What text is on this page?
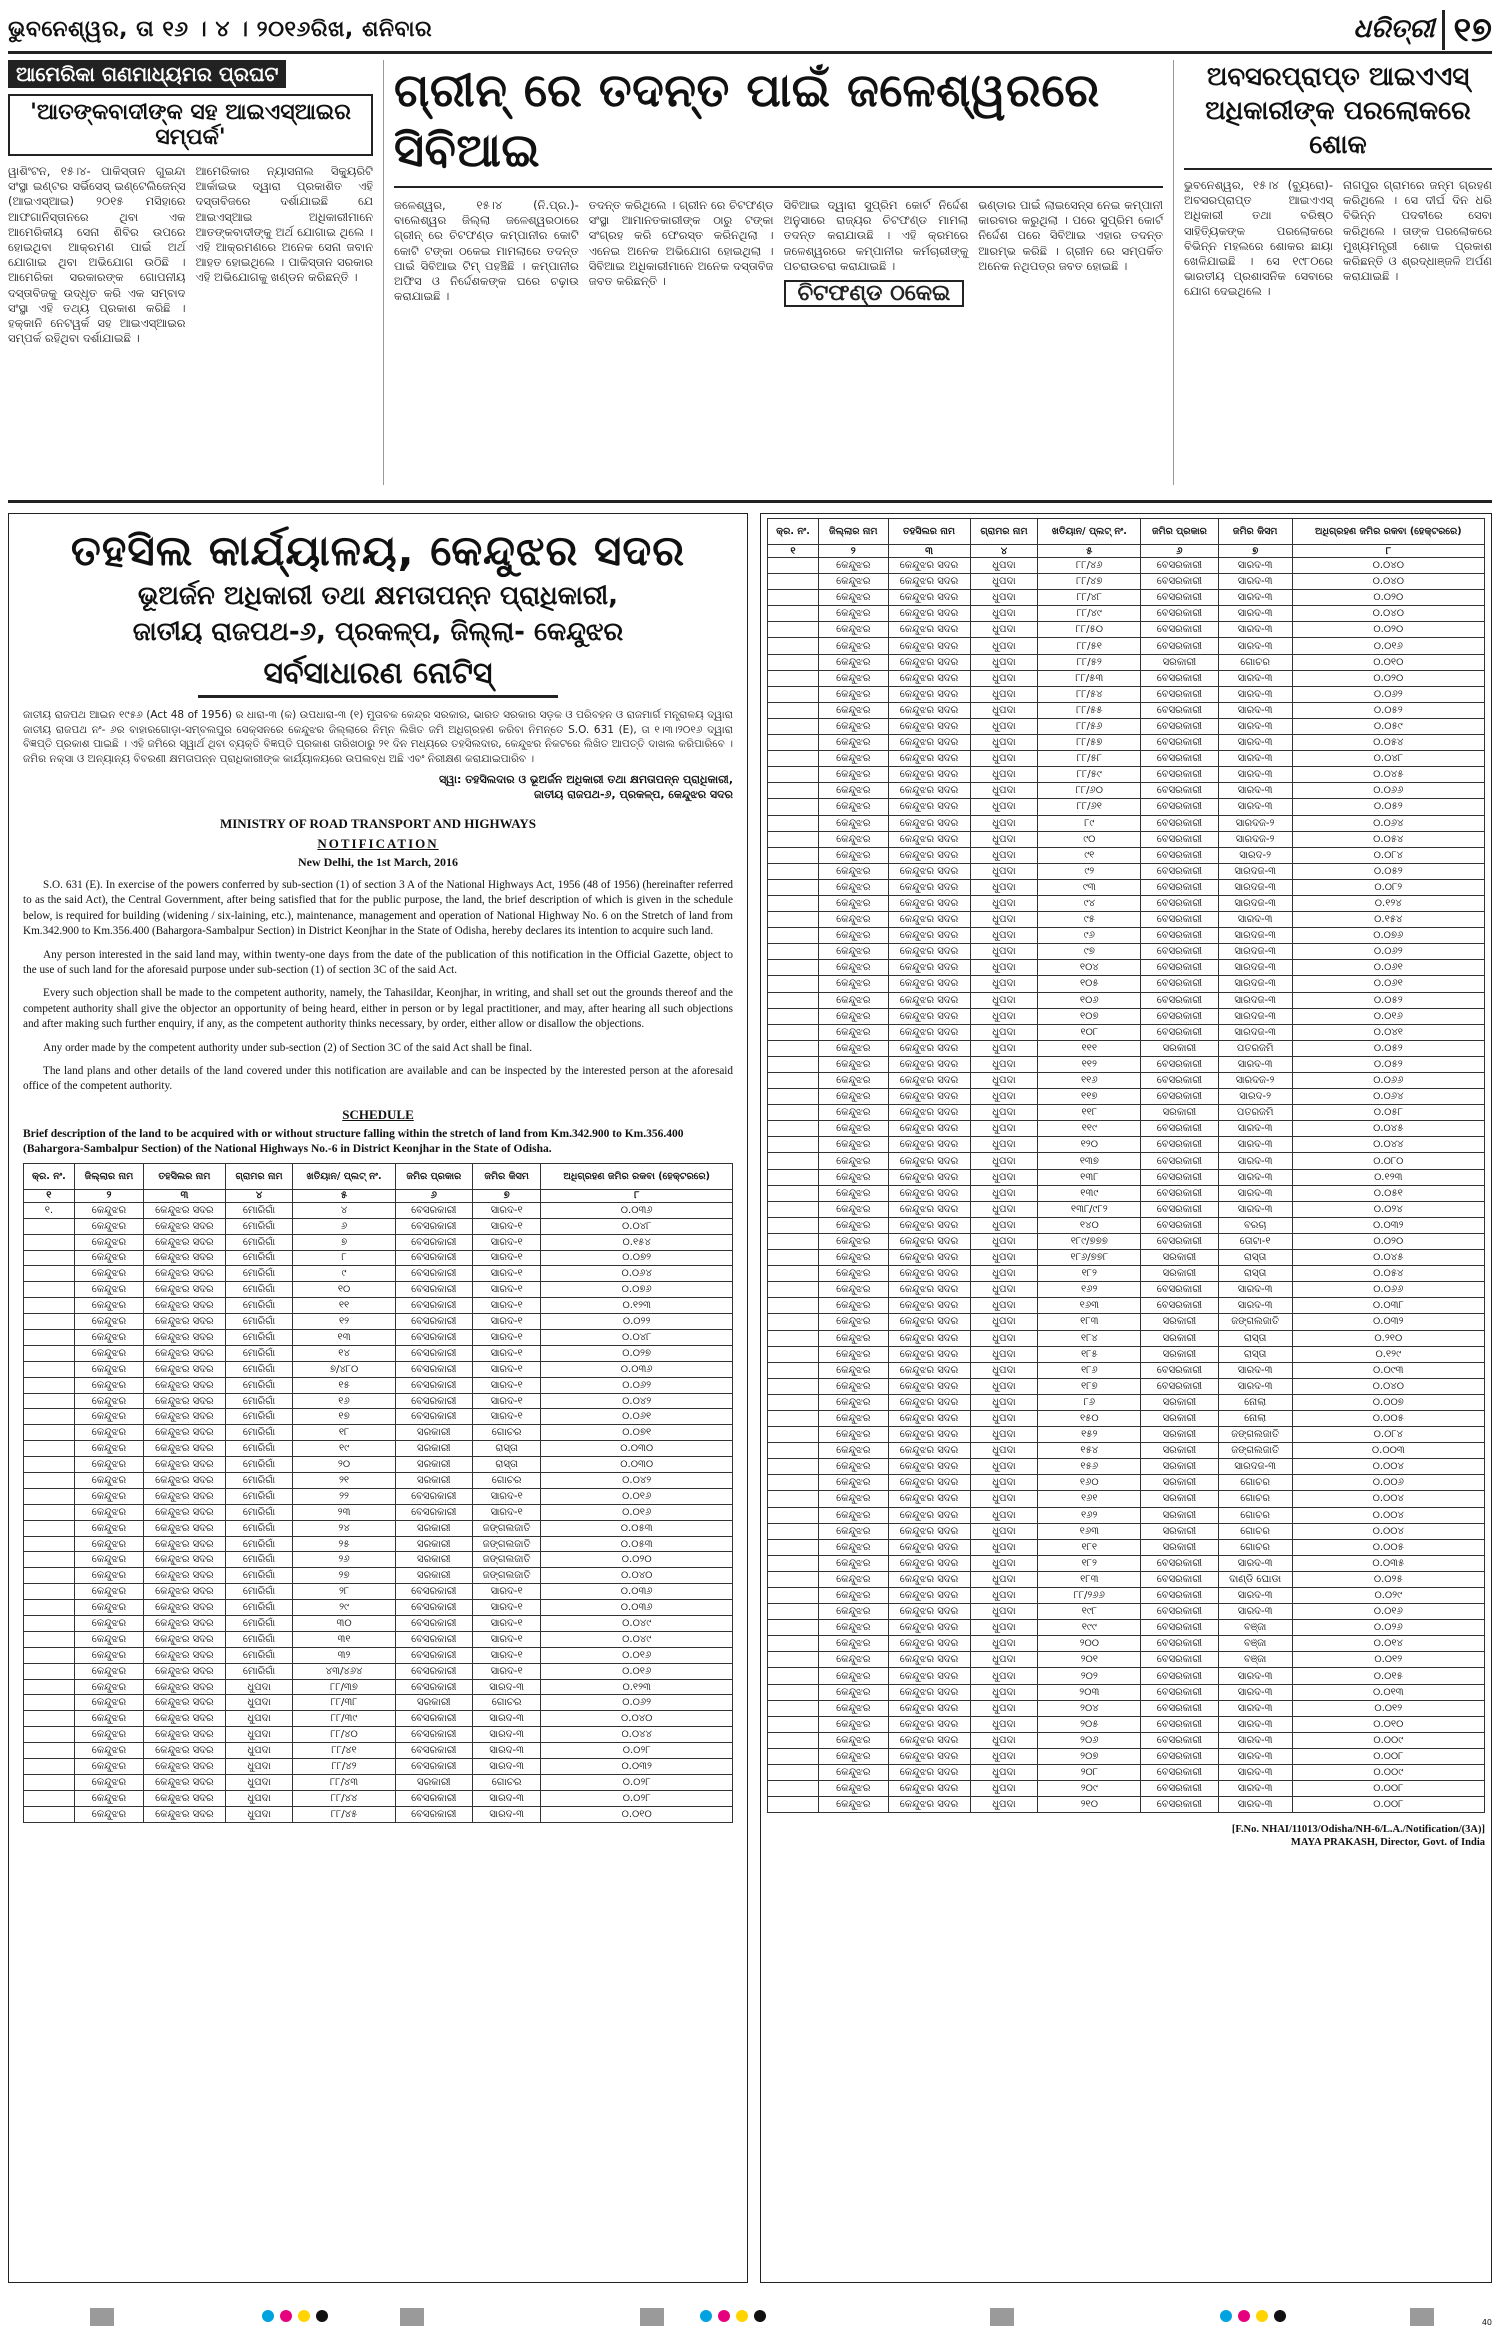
ଭୁବନେଶ୍ୱର, ତା ୧୬ । ୪ । ୨୦୧୬ରିଖ, ଶନିବାର	ଧରିତ୍ରୀ ୧୭
ଆମେରିକା ଗଣମାଧ୍ୟମର ପ୍ରଘଟ
'ଆତଙ୍କବାଦୀଙ୍କ ସହ ଆଇଏସ୍ଆଇର ସମ୍ପର୍କ'
ୱାଶିଂଟନ, ୧୫।୪- ପାକିସ୍ତାନ ଗୁଇନ୍ଦା ସଂସ୍ଥା ଇଣ୍ଟର ସର୍ଭିସେସ୍ ଇଣ୍ଟେଲିଜେନ୍ସ (ଆଇଏସ୍ଆଇ) ୨୦୧୫ ମସିହାରେ ଆଫଗାନିସ୍ତାନରେ ଥିବା ଏକ ଆମେରିକୀୟ ସେନା ଶିବିର ଉପରେ ହୋଇଥିବା ଆକ୍ରମଣ ପାଇଁ ଅର୍ଥ ଯୋଗାଇ ଥିବା ଅଭିଯୋଗ ଉଠିଛି । ଆମେରିକା ସରକାରଙ୍କ ଗୋପନୀୟ ଦସ୍ତାବିଜକୁ ଉଦ୍ଧୃତ କରି ଏକ ସମ୍ବାଦ ସଂସ୍ଥା ଏହି ତଥ୍ୟ ପ୍ରକାଶ କରିଛି । ହକ୍କାନି ନେଟୱର୍କ ସହ ଆଇଏସ୍ଆଇର ସମ୍ପର୍କ ରହିଥିବା ଦର୍ଶାଯାଇଛି ।
ଆମେରିକାର ନ୍ୟାସନାଲ ସିକ୍ୟୁରିଟି ଆର୍କାଇଭ ଦ୍ୱାରା ପ୍ରକାଶିତ ଏହି ଦସ୍ତାବିଜରେ ଦର୍ଶାଯାଇଛି ଯେ ଆଇଏସ୍ଆଇ ଅଧିକାରୀମାନେ ଆତଙ୍କବାଦୀଙ୍କୁ ଅର୍ଥ ଯୋଗାଇ ଥିଲେ । ଏହି ଆକ୍ରମଣରେ ଅନେକ ସେନା ଜବାନ ଆହତ ହୋଇଥିଲେ । ପାକିସ୍ତାନ ସରକାର ଏହି ଅଭିଯୋଗକୁ ଖଣ୍ଡନ କରିଛନ୍ତି ।
ଗ୍ରୀନ୍ ରେ ତଦନ୍ତ ପାଇଁ ଜଳେଶ୍ୱରରେ ସିବିଆଇ
ଜଳେଶ୍ୱର, ୧୫।୪ (ନି.ପ୍ର.)- ବାଲେଶ୍ୱର ଜିଲ୍ଲା ଜଳେଶ୍ୱରଠାରେ ଗ୍ରୀନ୍ ରେ ଚିଟଫଣ୍ଡ କମ୍ପାନୀର କୋଟି କୋଟି ଟଙ୍କା ଠକେଇ ମାମଲାରେ ତଦନ୍ତ ପାଇଁ ସିବିଆଇ ଟିମ୍ ପହଞ୍ଚିଛି । କମ୍ପାନୀର ଅଫିସ ଓ ନିର୍ଦ୍ଦେଶକଙ୍କ ଘରେ ଚଢ଼ାଉ କରାଯାଇଛି ।
ତଦନ୍ତ କରିଥିଲେ । ଗ୍ରୀନ ରେ ଚିଟଫଣ୍ଡ ସଂସ୍ଥା ଆମାନତକାରୀଙ୍କ ଠାରୁ ଟଙ୍କା ସଂଗ୍ରହ କରି ଫେରସ୍ତ କରିନଥିଲା । ଏନେଇ ଅନେକ ଅଭିଯୋଗ ହୋଇଥିଲା । ସିବିଆଇ ଅଧିକାରୀମାନେ ଅନେକ ଦସ୍ତାବିଜ ଜବତ କରିଛନ୍ତି ।
ସିବିଆଇ ଦ୍ୱାରା ସୁପ୍ରିମ କୋର୍ଟ ନିର୍ଦ୍ଦେଶ ଅନୁସାରେ ରାଜ୍ୟର ଚିଟଫଣ୍ଡ ମାମଲା ତଦନ୍ତ କରାଯାଉଛି । ଏହି କ୍ରମରେ ଜଳେଶ୍ୱରରେ କମ୍ପାନୀର କର୍ମଚାରୀଙ୍କୁ ପଚରାଉଚରା କରାଯାଇଛି ।
ଚିଟଫଣ୍ଡ ଠକେଇ
ଭଣ୍ଡାର ପାଇଁ ଲାଇସେନ୍ସ ନେଇ କମ୍ପାନୀ କାରବାର କରୁଥିଲା । ପରେ ସୁପ୍ରିମ କୋର୍ଟ ନିର୍ଦ୍ଦେଶ ପରେ ସିବିଆଇ ଏହାର ତଦନ୍ତ ଆରମ୍ଭ କରିଛି । ଗ୍ରୀନ ରେ ସମ୍ପର୍କିତ ଅନେକ ନଥିପତ୍ର ଜବତ ହୋଇଛି ।
ଅବସରପ୍ରାପ୍ତ ଆଇଏଏସ୍ ଅଧିକାରୀଙ୍କ ପରଲୋକରେ ଶୋକ
ଭୁବନେଶ୍ୱର, ୧୫।୪ (ବ୍ୟୁରୋ)- ଅବସରପ୍ରାପ୍ତ ଆଇଏଏସ୍ ଅଧିକାରୀ ତଥା ବରିଷ୍ଠ ସାହିତ୍ୟିକଙ୍କ ପରଲୋକରେ ବିଭିନ୍ନ ମହଲରେ ଶୋକର ଛାୟା ଖେଳିଯାଇଛି । ସେ ୧୯୮୦ରେ ଭାରତୀୟ ପ୍ରଶାସନିକ ସେବାରେ ଯୋଗ ଦେଇଥିଲେ ।
ନାଗପୁର ଗ୍ରାମରେ ଜନ୍ମ ଗ୍ରହଣ କରିଥିଲେ । ସେ ଦୀର୍ଘ ଦିନ ଧରି ବିଭିନ୍ନ ପଦବୀରେ ସେବା କରିଥିଲେ । ତାଙ୍କ ପରଲୋକରେ ମୁଖ୍ୟମନ୍ତ୍ରୀ ଶୋକ ପ୍ରକାଶ କରିଛନ୍ତି ଓ ଶ୍ରଦ୍ଧାଞ୍ଜଳି ଅର୍ପଣ କରାଯାଇଛି ।
ତହସିଲ କାର୍ଯ୍ୟାଳୟ, କେନ୍ଦୁଝର ସଦର
ଭୂଅର୍ଜନ ଅଧିକାରୀ ତଥା କ୍ଷମତାପନ୍ନ ପ୍ରାଧିକାରୀ,
ଜାତୀୟ ରାଜପଥ-୬, ପ୍ରକଳ୍ପ, ଜିଲ୍ଲା- କେନ୍ଦୁଝର
ସର୍ବସାଧାରଣ ନୋଟିସ୍
ଜାତୀୟ ରାଜପଥ ଆଇନ ୧୯୫୬ (Act 48 of 1956) ର ଧାରା-୩ (କ) ଉପଧାରା-୩ (୧) ମୁତାବକ କେନ୍ଦ୍ର ସରକାର, ଭାରତ ସରକାର ସଡ଼କ ଓ ପରିବହନ ଓ ରାଜମାର୍ଗ ମନ୍ତ୍ରାଳୟ ଦ୍ୱାରା ଜାତୀୟ ରାଜପଥ ନଂ- ୬ର ବାହାରଗୋଡ଼ା-ସମ୍ବଲପୁର ସେକ୍ସନରେ କେନ୍ଦୁଝର ଜିଲ୍ଲାରେ ନିମ୍ନ ଲିଖିତ ଜମି ଅଧିଗ୍ରହଣ କରିବା ନିମନ୍ତେ S.O. 631 (E), ତା ୧।୩।୨୦୧୬ ଦ୍ୱାରା ବିଜ୍ଞପ୍ତି ପ୍ରକାଶ ପାଇଛି । ଏହି ଜମିରେ ସ୍ୱାର୍ଥ ଥିବା ବ୍ୟକ୍ତି ବିଜ୍ଞପ୍ତି ପ୍ରକାଶ ତାରିଖଠାରୁ ୨୧ ଦିନ ମଧ୍ୟରେ ତହସିଲଦାର, କେନ୍ଦୁଝର ନିକଟରେ ଲିଖିତ ଆପତ୍ତି ଦାଖଲ କରିପାରିବେ । ଜମିର ନକ୍ସା ଓ ଅନ୍ୟାନ୍ୟ ବିବରଣୀ କ୍ଷମତାପନ୍ନ ପ୍ରାଧିକାରୀଙ୍କ କାର୍ଯ୍ୟାଳୟରେ ଉପଲବ୍ଧ ଅଛି ଏବଂ ନିରୀକ୍ଷଣ କରାଯାଇପାରିବ ।
ସ୍ୱା: ତହସିଲଦାର ଓ ଭୂଅର୍ଜନ ଅଧିକାରୀ ତଥା କ୍ଷମତାପନ୍ନ ପ୍ରାଧିକାରୀ,
ଜାତୀୟ ରାଜପଥ-୬, ପ୍ରକଳ୍ପ, କେନ୍ଦୁଝର ସଦର
MINISTRY OF ROAD TRANSPORT AND HIGHWAYS
NOTIFICATION
New Delhi, the 1st March, 2016
S.O. 631 (E). In exercise of the powers conferred by sub-section (1) of section 3 A of the National Highways Act, 1956 (48 of 1956) (hereinafter referred to as the said Act), the Central Government, after being satisfied that for the public purpose, the land, the brief description of which is given in the schedule below, is required for building (widening / six-laining, etc.), maintenance, management and operation of National Highway No. 6 on the Stretch of land from Km.342.900 to Km.356.400 (Bahargora-Sambalpur Section) in District Keonjhar in the State of Odisha, hereby declares its intention to acquire such land.
Any person interested in the said land may, within twenty-one days from the date of the publication of this notification in the Official Gazette, object to the use of such land for the aforesaid purpose under sub-section (1) of section 3C of the said Act.
Every such objection shall be made to the competent authority, namely, the Tahasildar, Keonjhar, in writing, and shall set out the grounds thereof and the competent authority shall give the objector an opportunity of being heard, either in person or by legal practitioner, and may, after hearing all such objections and after making such further enquiry, if any, as the competent authority thinks necessary, by order, either allow or disallow the objections.
Any order made by the competent authority under sub-section (2) of Section 3C of the said Act shall be final.
The land plans and other details of the land covered under this notification are available and can be inspected by the interested person at the aforesaid office of the competent authority.
SCHEDULE
Brief description of the land to be acquired with or without structure falling within the stretch of land from Km.342.900 to Km.356.400 (Bahargora-Sambalpur Section) of the National Highways No.-6 in District Keonjhar in the State of Odisha.
କ୍ର. ନଂ.	ଜିଲ୍ଲାର ନାମ	ତହସିଲର ନାମ	ଗ୍ରାମର ନାମ	ଖତିୟାନ/ ପ୍ଲଟ୍ ନଂ.	ଜମିର ପ୍ରକାର	ଜମିର କିସମ	ଅଧିଗ୍ରହଣ ଜମିର ରକବା (ହେକ୍ଟରରେ)
୧	୨	୩	୪	୫	୬	୭	୮
୧.	କେନ୍ଦୁଝର	କେନ୍ଦୁଝର ସଦର	ମୋରିଗାଁ	୪	ବେସରକାରୀ	ସାରଦ-୧	୦.୦୩୬
	କେନ୍ଦୁଝର	କେନ୍ଦୁଝର ସଦର	ମୋରିଗାଁ	୬	ବେସରକାରୀ	ସାରଦ-୧	୦.୦୪୮
	କେନ୍ଦୁଝର	କେନ୍ଦୁଝର ସଦର	ମୋରିଗାଁ	୭	ବେସରକାରୀ	ସାରଦ-୧	୦.୧୫୪
	କେନ୍ଦୁଝର	କେନ୍ଦୁଝର ସଦର	ମୋରିଗାଁ	୮	ବେସରକାରୀ	ସାରଦ-୧	୦.୦୭୨
	କେନ୍ଦୁଝର	କେନ୍ଦୁଝର ସଦର	ମୋରିଗାଁ	୯	ବେସରକାରୀ	ସାରଦ-୧	୦.୦୬୪
	କେନ୍ଦୁଝର	କେନ୍ଦୁଝର ସଦର	ମୋରିଗାଁ	୧୦	ବେସରକାରୀ	ସାରଦ-୧	୦.୦୭୬
	କେନ୍ଦୁଝର	କେନ୍ଦୁଝର ସଦର	ମୋରିଗାଁ	୧୧	ବେସରକାରୀ	ସାରଦ-୧	୦.୧୨୩
	କେନ୍ଦୁଝର	କେନ୍ଦୁଝର ସଦର	ମୋରିଗାଁ	୧୨	ବେସରକାରୀ	ସାରଦ-୧	୦.୦୨୨
	କେନ୍ଦୁଝର	କେନ୍ଦୁଝର ସଦର	ମୋରିଗାଁ	୧୩	ବେସରକାରୀ	ସାରଦ-୧	୦.୦୪୮
	କେନ୍ଦୁଝର	କେନ୍ଦୁଝର ସଦର	ମୋରିଗାଁ	୧୪	ବେସରକାରୀ	ସାରଦ-୧	୦.୦୨୭
	କେନ୍ଦୁଝର	କେନ୍ଦୁଝର ସଦର	ମୋରିଗାଁ	୭/୪୮୦	ବେସରକାରୀ	ସାରଦ-୧	୦.୦୩୬
	କେନ୍ଦୁଝର	କେନ୍ଦୁଝର ସଦର	ମୋରିଗାଁ	୧୫	ବେସରକାରୀ	ସାରଦ-୧	୦.୦୬୨
	କେନ୍ଦୁଝର	କେନ୍ଦୁଝର ସଦର	ମୋରିଗାଁ	୧୬	ବେସରକାରୀ	ସାରଦ-୧	୦.୦୪୨
	କେନ୍ଦୁଝର	କେନ୍ଦୁଝର ସଦର	ମୋରିଗାଁ	୧୭	ବେସରକାରୀ	ସାରଦ-୧	୦.୦୬୧
	କେନ୍ଦୁଝର	କେନ୍ଦୁଝର ସଦର	ମୋରିଗାଁ	୧୮	ସରକାରୀ	ଗୋଚର	୦.୦୭୧
	କେନ୍ଦୁଝର	କେନ୍ଦୁଝର ସଦର	ମୋରିଗାଁ	୧୯	ସରକାରୀ	ରାସ୍ତା	୦.୦୩୦
	କେନ୍ଦୁଝର	କେନ୍ଦୁଝର ସଦର	ମୋରିଗାଁ	୨୦	ସରକାରୀ	ରାସ୍ତା	୦.୦୩୦
	କେନ୍ଦୁଝର	କେନ୍ଦୁଝର ସଦର	ମୋରିଗାଁ	୨୧	ସରକାରୀ	ଗୋଚର	୦.୦୪୨
	କେନ୍ଦୁଝର	କେନ୍ଦୁଝର ସଦର	ମୋରିଗାଁ	୨୨	ବେସରକାରୀ	ସାରଦ-୧	୦.୦୧୬
	କେନ୍ଦୁଝର	କେନ୍ଦୁଝର ସଦର	ମୋରିଗାଁ	୨୩	ବେସରକାରୀ	ସାରଦ-୧	୦.୦୧୬
	କେନ୍ଦୁଝର	କେନ୍ଦୁଝର ସଦର	ମୋରିଗାଁ	୨୪	ସରକାରୀ	ଜଙ୍ଗଲଜାତି	୦.୦୫୩
	କେନ୍ଦୁଝର	କେନ୍ଦୁଝର ସଦର	ମୋରିଗାଁ	୨୫	ସରକାରୀ	ଜଙ୍ଗଲଜାତି	୦.୦୫୩
	କେନ୍ଦୁଝର	କେନ୍ଦୁଝର ସଦର	ମୋରିଗାଁ	୨୬	ସରକାରୀ	ଜଙ୍ଗଲଜାତି	୦.୦୨୦
	କେନ୍ଦୁଝର	କେନ୍ଦୁଝର ସଦର	ମୋରିଗାଁ	୨୭	ସରକାରୀ	ଜଙ୍ଗଲଜାତି	୦.୦୪୦
	କେନ୍ଦୁଝର	କେନ୍ଦୁଝର ସଦର	ମୋରିଗାଁ	୨୮	ବେସରକାରୀ	ସାରଦ-୧	୦.୦୩୬
	କେନ୍ଦୁଝର	କେନ୍ଦୁଝର ସଦର	ମୋରିଗାଁ	୨୯	ବେସରକାରୀ	ସାରଦ-୧	୦.୦୩୬
	କେନ୍ଦୁଝର	କେନ୍ଦୁଝର ସଦର	ମୋରିଗାଁ	୩୦	ବେସରକାରୀ	ସାରଦ-୧	୦.୦୪୯
	କେନ୍ଦୁଝର	କେନ୍ଦୁଝର ସଦର	ମୋରିଗାଁ	୩୧	ବେସରକାରୀ	ସାରଦ-୧	୦.୦୪୯
	କେନ୍ଦୁଝର	କେନ୍ଦୁଝର ସଦର	ମୋରିଗାଁ	୩୨	ବେସରକାରୀ	ସାରଦ-୧	୦.୦୧୬
	କେନ୍ଦୁଝର	କେନ୍ଦୁଝର ସଦର	ମୋରିଗାଁ	୪୩/୪୬୪	ବେସରକାରୀ	ସାରଦ-୧	୦.୦୧୬
	କେନ୍ଦୁଝର	କେନ୍ଦୁଝର ସଦର	ଧୁପଦା	୮୮/୩୭	ବେସରକାରୀ	ସାରଦ-୩	୦.୧୨୩
	କେନ୍ଦୁଝର	କେନ୍ଦୁଝର ସଦର	ଧୁପଦା	୮୮/୩୮	ସରକାରୀ	ଗୋଚର	୦.୦୬୨
	କେନ୍ଦୁଝର	କେନ୍ଦୁଝର ସଦର	ଧୁପଦା	୮୮/୩୯	ବେସରକାରୀ	ସାରଦ-୩	୦.୦୪୦
	କେନ୍ଦୁଝର	କେନ୍ଦୁଝର ସଦର	ଧୁପଦା	୮୮/୪୦	ବେସରକାରୀ	ସାରଦ-୩	୦.୦୪୪
	କେନ୍ଦୁଝର	କେନ୍ଦୁଝର ସଦର	ଧୁପଦା	୮୮/୪୧	ବେସରକାରୀ	ସାରଦ-୩	୦.୦୨୮
	କେନ୍ଦୁଝର	କେନ୍ଦୁଝର ସଦର	ଧୁପଦା	୮୮/୪୨	ବେସରକାରୀ	ସାରଦ-୩	୦.୦୩୨
	କେନ୍ଦୁଝର	କେନ୍ଦୁଝର ସଦର	ଧୁପଦା	୮୮/୪୩	ସରକାରୀ	ଗୋଚର	୦.୦୨୮
	କେନ୍ଦୁଝର	କେନ୍ଦୁଝର ସଦର	ଧୁପଦା	୮୮/୪୪	ବେସରକାରୀ	ସାରଦ-୩	୦.୦୨୮
	କେନ୍ଦୁଝର	କେନ୍ଦୁଝର ସଦର	ଧୁପଦା	୮୮/୪୫	ବେସରକାରୀ	ସାରଦ-୩	୦.୦୧୦
କ୍ର. ନଂ.	ଜିଲ୍ଲାର ନାମ	ତହସିଲର ନାମ	ଗ୍ରାମର ନାମ	ଖତିୟାନ/ ପ୍ଲଟ୍ ନଂ.	ଜମିର ପ୍ରକାର	ଜମିର କିସମ	ଅଧିଗ୍ରହଣ ଜମିର ରକବା (ହେକ୍ଟରରେ)
୧	୨	୩	୪	୫	୬	୭	୮
	କେନ୍ଦୁଝର	କେନ୍ଦୁଝର ସଦର	ଧୁପଦା	୮୮/୪୬	ବେସରକାରୀ	ସାରଦ-୩	୦.୦୪୦
	କେନ୍ଦୁଝର	କେନ୍ଦୁଝର ସଦର	ଧୁପଦା	୮୮/୪୭	ବେସରକାରୀ	ସାରଦ-୩	୦.୦୪୦
	କେନ୍ଦୁଝର	କେନ୍ଦୁଝର ସଦର	ଧୁପଦା	୮୮/୪୮	ବେସରକାରୀ	ସାରଦ-୩	୦.୦୨୦
	କେନ୍ଦୁଝର	କେନ୍ଦୁଝର ସଦର	ଧୁପଦା	୮୮/୪୯	ବେସରକାରୀ	ସାରଦ-୩	୦.୦୪୦
	କେନ୍ଦୁଝର	କେନ୍ଦୁଝର ସଦର	ଧୁପଦା	୮୮/୫୦	ବେସରକାରୀ	ସାରଦ-୩	୦.୦୨୦
	କେନ୍ଦୁଝର	କେନ୍ଦୁଝର ସଦର	ଧୁପଦା	୮୮/୫୧	ବେସରକାରୀ	ସାରଦ-୩	୦.୦୧୬
	କେନ୍ଦୁଝର	କେନ୍ଦୁଝର ସଦର	ଧୁପଦା	୮୮/୫୨	ସରକାରୀ	ଗୋଚର	୦.୦୧୦
	କେନ୍ଦୁଝର	କେନ୍ଦୁଝର ସଦର	ଧୁପଦା	୮୮/୫୩	ବେସରକାରୀ	ସାରଦ-୩	୦.୦୨୦
	କେନ୍ଦୁଝର	କେନ୍ଦୁଝର ସଦର	ଧୁପଦା	୮୮/୫୪	ବେସରକାରୀ	ସାରଦ-୩	୦.୦୬୨
	କେନ୍ଦୁଝର	କେନ୍ଦୁଝର ସଦର	ଧୁପଦା	୮୮/୫୫	ବେସରକାରୀ	ସାରଦ-୩	୦.୦୫୨
	କେନ୍ଦୁଝର	କେନ୍ଦୁଝର ସଦର	ଧୁପଦା	୮୮/୫୬	ବେସରକାରୀ	ସାରଦ-୩	୦.୦୫୯
	କେନ୍ଦୁଝର	କେନ୍ଦୁଝର ସଦର	ଧୁପଦା	୮୮/୫୭	ବେସରକାରୀ	ସାରଦ-୩	୦.୦୫୪
	କେନ୍ଦୁଝର	କେନ୍ଦୁଝର ସଦର	ଧୁପଦା	୮୮/୫୮	ବେସରକାରୀ	ସାରଦ-୩	୦.୦୪୮
	କେନ୍ଦୁଝର	କେନ୍ଦୁଝର ସଦର	ଧୁପଦା	୮୮/୫୯	ବେସରକାରୀ	ସାରଦ-୩	୦.୦୪୫
	କେନ୍ଦୁଝର	କେନ୍ଦୁଝର ସଦର	ଧୁପଦା	୮୮/୬୦	ବେସରକାରୀ	ସାରଦ-୩	୦.୦୬୬
	କେନ୍ଦୁଝର	କେନ୍ଦୁଝର ସଦର	ଧୁପଦା	୮୮/୬୧	ବେସରକାରୀ	ସାରଦ-୩	୦.୦୫୨
	କେନ୍ଦୁଝର	କେନ୍ଦୁଝର ସଦର	ଧୁପଦା	୮୯	ବେସରକାରୀ	ସାରଦଜ-୨	୦.୦୬୪
	କେନ୍ଦୁଝର	କେନ୍ଦୁଝର ସଦର	ଧୁପଦା	୯୦	ବେସରକାରୀ	ସାରଦଜ-୨	୦.୦୫୪
	କେନ୍ଦୁଝର	କେନ୍ଦୁଝର ସଦର	ଧୁପଦା	୯୧	ବେସରକାରୀ	ସାରଦ-୨	୦.୦୮୪
	କେନ୍ଦୁଝର	କେନ୍ଦୁଝର ସଦର	ଧୁପଦା	୯୨	ବେସରକାରୀ	ସାରଦଜ-୩	୦.୦୫୨
	କେନ୍ଦୁଝର	କେନ୍ଦୁଝର ସଦର	ଧୁପଦା	୯୩	ବେସରକାରୀ	ସାରଦଜ-୩	୦.୦୮୨
	କେନ୍ଦୁଝର	କେନ୍ଦୁଝର ସଦର	ଧୁପଦା	୯୪	ବେସରକାରୀ	ସାରଦଜ-୩	୦.୧୨୪
	କେନ୍ଦୁଝର	କେନ୍ଦୁଝର ସଦର	ଧୁପଦା	୯୫	ବେସରକାରୀ	ସାରଦ-୩	୦.୧୫୪
	କେନ୍ଦୁଝର	କେନ୍ଦୁଝର ସଦର	ଧୁପଦା	୯୬	ବେସରକାରୀ	ସାରଦଜ-୩	୦.୦୭୬
	କେନ୍ଦୁଝର	କେନ୍ଦୁଝର ସଦର	ଧୁପଦା	୯୭	ବେସରକାରୀ	ସାରଦଜ-୩	୦.୦୬୨
	କେନ୍ଦୁଝର	କେନ୍ଦୁଝର ସଦର	ଧୁପଦା	୧୦୪	ବେସରକାରୀ	ସାରଦଜ-୩	୦.୦୬୧
	କେନ୍ଦୁଝର	କେନ୍ଦୁଝର ସଦର	ଧୁପଦା	୧୦୫	ବେସରକାରୀ	ସାରଦଜ-୩	୦.୦୬୧
	କେନ୍ଦୁଝର	କେନ୍ଦୁଝର ସଦର	ଧୁପଦା	୧୦୬	ବେସରକାରୀ	ସାରଦଜ-୩	୦.୦୫୨
	କେନ୍ଦୁଝର	କେନ୍ଦୁଝର ସଦର	ଧୁପଦା	୧୦୭	ବେସରକାରୀ	ସାରଦଜ-୩	୦.୦୧୬
	କେନ୍ଦୁଝର	କେନ୍ଦୁଝର ସଦର	ଧୁପଦା	୧୦୮	ବେସରକାରୀ	ସାରଦଜ-୩	୦.୦୪୧
	କେନ୍ଦୁଝର	କେନ୍ଦୁଝର ସଦର	ଧୁପଦା	୧୧୧	ସରକାରୀ	ପତରଜମି	୦.୦୫୨
	କେନ୍ଦୁଝର	କେନ୍ଦୁଝର ସଦର	ଧୁପଦା	୧୧୨	ବେସରକାରୀ	ସାରଦ-୩	୦.୦୫୨
	କେନ୍ଦୁଝର	କେନ୍ଦୁଝର ସଦର	ଧୁପଦା	୧୧୬	ବେସରକାରୀ	ସାରଦଜ-୨	୦.୦୬୬
	କେନ୍ଦୁଝର	କେନ୍ଦୁଝର ସଦର	ଧୁପଦା	୧୧୭	ବେସରକାରୀ	ସାରଦ-୨	୦.୦୬୪
	କେନ୍ଦୁଝର	କେନ୍ଦୁଝର ସଦର	ଧୁପଦା	୧୧୮	ସରକାରୀ	ପତରଜମି	୦.୦୫୮
	କେନ୍ଦୁଝର	କେନ୍ଦୁଝର ସଦର	ଧୁପଦା	୧୧୯	ବେସରକାରୀ	ସାରଦ-୩	୦.୦୪୫
	କେନ୍ଦୁଝର	କେନ୍ଦୁଝର ସଦର	ଧୁପଦା	୧୨୦	ବେସରକାରୀ	ସାରଦ-୩	୦.୦୪୪
	କେନ୍ଦୁଝର	କେନ୍ଦୁଝର ସଦର	ଧୁପଦା	୧୩୭	ବେସରକାରୀ	ସାରଦ-୩	୦.୦୮୦
	କେନ୍ଦୁଝର	କେନ୍ଦୁଝର ସଦର	ଧୁପଦା	୧୩୮	ବେସରକାରୀ	ସାରଦ-୩	୦.୧୨୩
	କେନ୍ଦୁଝର	କେନ୍ଦୁଝର ସଦର	ଧୁପଦା	୧୩୯	ବେସରକାରୀ	ସାରଦ-୩	୦.୦୫୧
	କେନ୍ଦୁଝର	କେନ୍ଦୁଝର ସଦର	ଧୁପଦା	୧୩୮/୯୮୨	ବେସରକାରୀ	ସାରଦ-୩	୦.୦୨୪
	କେନ୍ଦୁଝର	କେନ୍ଦୁଝର ସଦର	ଧୁପଦା	୧୪୦	ବେସରକାରୀ	ବରଚା	୦.୦୩୨
	କେନ୍ଦୁଝର	କେନ୍ଦୁଝର ସଦର	ଧୁପଦା	୧୮୯/୭୭୭	ବେସରକାରୀ	ତୋଟା-୧	୦.୦୨୦
	କେନ୍ଦୁଝର	କେନ୍ଦୁଝର ସଦର	ଧୁପଦା	୧୮୬/୭୭୮	ସରକାରୀ	ରାସ୍ତା	୦.୦୪୫
	କେନ୍ଦୁଝର	କେନ୍ଦୁଝର ସଦର	ଧୁପଦା	୧୮୨	ସରକାରୀ	ରାସ୍ତା	୦.୦୫୪
	କେନ୍ଦୁଝର	କେନ୍ଦୁଝର ସଦର	ଧୁପଦା	୧୬୨	ବେସରକାରୀ	ସାରଦ-୩	୦.୦୬୬
	କେନ୍ଦୁଝର	କେନ୍ଦୁଝର ସଦର	ଧୁପଦା	୧୬୩	ବେସରକାରୀ	ସାରଦ-୩	୦.୦୩୮
	କେନ୍ଦୁଝର	କେନ୍ଦୁଝର ସଦର	ଧୁପଦା	୧୮୩	ସରକାରୀ	ଜଙ୍ଗଲଜାତି	୦.୦୩୨
	କେନ୍ଦୁଝର	କେନ୍ଦୁଝର ସଦର	ଧୁପଦା	୧୮୪	ସରକାରୀ	ରାସ୍ତା	୦.୨୧୦
	କେନ୍ଦୁଝର	କେନ୍ଦୁଝର ସଦର	ଧୁପଦା	୧୮୫	ସରକାରୀ	ରାସ୍ତା	୦.୧୨୯
	କେନ୍ଦୁଝର	କେନ୍ଦୁଝର ସଦର	ଧୁପଦା	୧୮୬	ବେସରକାରୀ	ସାରଦ-୩	୦.୦୯୩
	କେନ୍ଦୁଝର	କେନ୍ଦୁଝର ସଦର	ଧୁପଦା	୧୮୭	ବେସରକାରୀ	ସାରଦ-୩	୦.୦୪୦
	କେନ୍ଦୁଝର	କେନ୍ଦୁଝର ସଦର	ଧୁପଦା	୮୬	ସରକାରୀ	ନୋଲା	୦.୦୦୭
	କେନ୍ଦୁଝର	କେନ୍ଦୁଝର ସଦର	ଧୁପଦା	୧୫୦	ସରକାରୀ	ନୋଲା	୦.୦୦୫
	କେନ୍ଦୁଝର	କେନ୍ଦୁଝର ସଦର	ଧୁପଦା	୧୫୨	ସରକାରୀ	ଜଙ୍ଗଲଜାତି	୦.୦୮୪
	କେନ୍ଦୁଝର	କେନ୍ଦୁଝର ସଦର	ଧୁପଦା	୧୫୪	ସରକାରୀ	ଜଙ୍ଗଲଜାତି	୦.୦୦୩
	କେନ୍ଦୁଝର	କେନ୍ଦୁଝର ସଦର	ଧୁପଦା	୧୫୬	ସରକାରୀ	ସାରଦଜ-୩	୦.୦୦୪
	କେନ୍ଦୁଝର	କେନ୍ଦୁଝର ସଦର	ଧୁପଦା	୧୬୦	ସରକାରୀ	ଗୋଚର	୦.୦୦୬
	କେନ୍ଦୁଝର	କେନ୍ଦୁଝର ସଦର	ଧୁପଦା	୧୬୧	ସରକାରୀ	ଗୋଚର	୦.୦୦୪
	କେନ୍ଦୁଝର	କେନ୍ଦୁଝର ସଦର	ଧୁପଦା	୧୬୨	ସରକାରୀ	ଗୋଚର	୦.୦୦୪
	କେନ୍ଦୁଝର	କେନ୍ଦୁଝର ସଦର	ଧୁପଦା	୧୬୩	ସରକାରୀ	ଗୋଚର	୦.୦୦୪
	କେନ୍ଦୁଝର	କେନ୍ଦୁଝର ସଦର	ଧୁପଦା	୧୮୧	ସରକାରୀ	ଗୋଚର	୦.୦୦୫
	କେନ୍ଦୁଝର	କେନ୍ଦୁଝର ସଦର	ଧୁପଦା	୧୮୨	ବେସରକାରୀ	ସାରଦ-୩	୦.୦୩୫
	କେନ୍ଦୁଝର	କେନ୍ଦୁଝର ସଦର	ଧୁପଦା	୧୮୩	ବେସରକାରୀ	ଦାଣ୍ଡି ଘୋଡା	୦.୦୨୫
	କେନ୍ଦୁଝର	କେନ୍ଦୁଝର ସଦର	ଧୁପଦା	୮୮/୨୬୬	ବେସରକାରୀ	ସାରଦ-୩	୦.୦୨୯
	କେନ୍ଦୁଝର	କେନ୍ଦୁଝର ସଦର	ଧୁପଦା	୧୯୮	ବେସରକାରୀ	ସାରଦ-୩	୦.୦୧୬
	କେନ୍ଦୁଝର	କେନ୍ଦୁଝର ସଦର	ଧୁପଦା	୧୯୯	ବେସରକାରୀ	ବଞ୍ଜା	୦.୦୨୬
	କେନ୍ଦୁଝର	କେନ୍ଦୁଝର ସଦର	ଧୁପଦା	୨୦୦	ବେସରକାରୀ	ବଞ୍ଜା	୦.୦୧୪
	କେନ୍ଦୁଝର	କେନ୍ଦୁଝର ସଦର	ଧୁପଦା	୨୦୧	ବେସରକାରୀ	ବଞ୍ଜା	୦.୦୧୨
	କେନ୍ଦୁଝର	କେନ୍ଦୁଝର ସଦର	ଧୁପଦା	୨୦୨	ବେସରକାରୀ	ସାରଦ-୩	୦.୦୧୫
	କେନ୍ଦୁଝର	କେନ୍ଦୁଝର ସଦର	ଧୁପଦା	୨୦୩	ବେସରକାରୀ	ସାରଦ-୩	୦.୦୧୩
	କେନ୍ଦୁଝର	କେନ୍ଦୁଝର ସଦର	ଧୁପଦା	୨୦୪	ବେସରକାରୀ	ସାରଦ-୩	୦.୦୧୨
	କେନ୍ଦୁଝର	କେନ୍ଦୁଝର ସଦର	ଧୁପଦା	୨୦୫	ବେସରକାରୀ	ସାରଦ-୩	୦.୦୧୦
	କେନ୍ଦୁଝର	କେନ୍ଦୁଝର ସଦର	ଧୁପଦା	୨୦୬	ବେସରକାରୀ	ସାରଦ-୩	୦.୦୦୯
	କେନ୍ଦୁଝର	କେନ୍ଦୁଝର ସଦର	ଧୁପଦା	୨୦୭	ବେସରକାରୀ	ସାରଦ-୩	୦.୦୦୮
	କେନ୍ଦୁଝର	କେନ୍ଦୁଝର ସଦର	ଧୁପଦା	୨୦୮	ବେସରକାରୀ	ସାରଦ-୩	୦.୦୦୯
	କେନ୍ଦୁଝର	କେନ୍ଦୁଝର ସଦର	ଧୁପଦା	୨୦୯	ବେସରକାରୀ	ସାରଦ-୩	୦.୦୦୮
	କେନ୍ଦୁଝର	କେନ୍ଦୁଝର ସଦର	ଧୁପଦା	୨୧୦	ବେସରକାରୀ	ସାରଦ-୩	୦.୦୦୮
[F.No. NHAI/11013/Odisha/NH-6/L.A./Notification/(3A)]
MAYA PRAKASH, Director, Govt. of India
40
